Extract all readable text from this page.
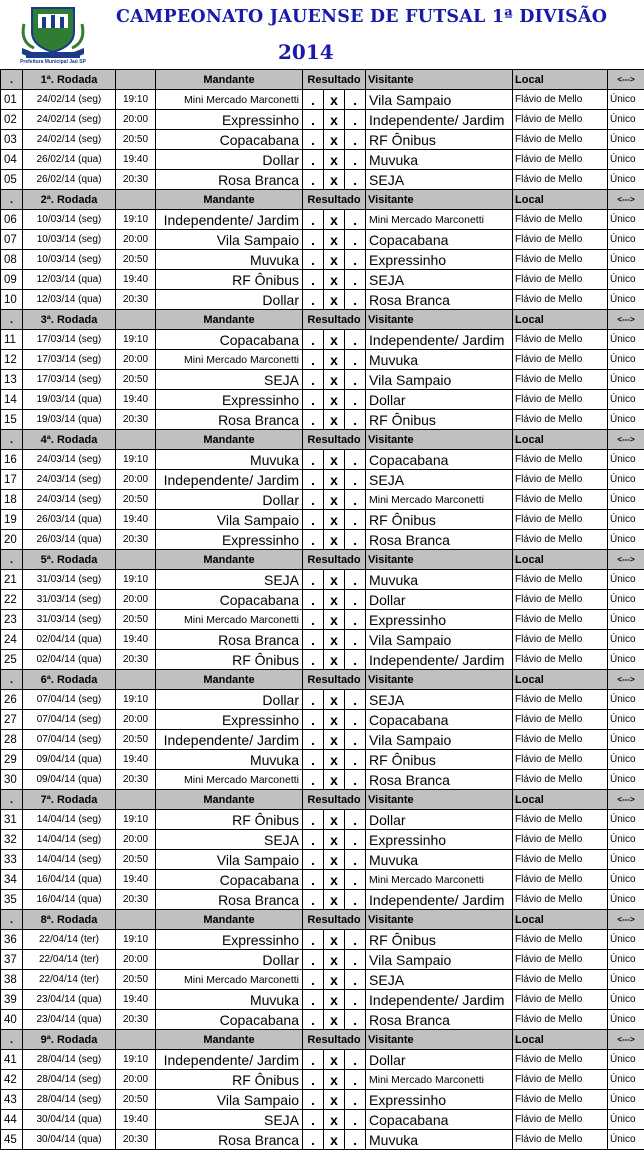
Prefeitura Municipal Jaú SP
CAMPEONATO JAUENSE DE FUTSAL 1ª DIVISÃO
2014
.	1ª. Rodada		Mandante	Resultado			Visitante	Local	<--->
01	24/02/14 (seg)	19:10	Mini Mercado Marconetti	.	x	.	Vila Sampaio	Flávio de Mello	Único
02	24/02/14 (seg)	20:00	Expressinho	.	x	.	Independente/ Jardim	Flávio de Mello	Único
03	24/02/14 (seg)	20:50	Copacabana	.	x	.	RF Ônibus	Flávio de Mello	Único
04	26/02/14 (qua)	19:40	Dollar	.	x	.	Muvuka	Flávio de Mello	Único
05	26/02/14 (qua)	20:30	Rosa Branca	.	x	.	SEJA	Flávio de Mello	Único
.	2ª. Rodada		Mandante	Resultado			Visitante	Local	<--->
06	10/03/14 (seg)	19:10	Independente/ Jardim	.	x	.	Mini Mercado Marconetti	Flávio de Mello	Único
07	10/03/14 (seg)	20:00	Vila Sampaio	.	x	.	Copacabana	Flávio de Mello	Único
08	10/03/14 (seg)	20:50	Muvuka	.	x	.	Expressinho	Flávio de Mello	Único
09	12/03/14 (qua)	19:40	RF Ônibus	.	x	.	SEJA	Flávio de Mello	Único
10	12/03/14 (qua)	20:30	Dollar	.	x	.	Rosa Branca	Flávio de Mello	Único
.	3ª. Rodada		Mandante	Resultado			Visitante	Local	<--->
11	17/03/14 (seg)	19:10	Copacabana	.	x	.	Independente/ Jardim	Flávio de Mello	Único
12	17/03/14 (seg)	20:00	Mini Mercado Marconetti	.	x	.	Muvuka	Flávio de Mello	Único
13	17/03/14 (seg)	20:50	SEJA	.	x	.	Vila Sampaio	Flávio de Mello	Único
14	19/03/14 (qua)	19:40	Expressinho	.	x	.	Dollar	Flávio de Mello	Único
15	19/03/14 (qua)	20:30	Rosa Branca	.	x	.	RF Ônibus	Flávio de Mello	Único
.	4ª. Rodada		Mandante	Resultado			Visitante	Local	<--->
16	24/03/14 (seg)	19:10	Muvuka	.	x	.	Copacabana	Flávio de Mello	Único
17	24/03/14 (seg)	20:00	Independente/ Jardim	.	x	.	SEJA	Flávio de Mello	Único
18	24/03/14 (seg)	20:50	Dollar	.	x	.	Mini Mercado Marconetti	Flávio de Mello	Único
19	26/03/14 (qua)	19:40	Vila Sampaio	.	x	.	RF Ônibus	Flávio de Mello	Único
20	26/03/14 (qua)	20:30	Expressinho	.	x	.	Rosa Branca	Flávio de Mello	Único
.	5ª. Rodada		Mandante	Resultado			Visitante	Local	<--->
21	31/03/14 (seg)	19:10	SEJA	.	x	.	Muvuka	Flávio de Mello	Único
22	31/03/14 (seg)	20:00	Copacabana	.	x	.	Dollar	Flávio de Mello	Único
23	31/03/14 (seg)	20:50	Mini Mercado Marconetti	.	x	.	Expressinho	Flávio de Mello	Único
24	02/04/14 (qua)	19:40	Rosa Branca	.	x	.	Vila Sampaio	Flávio de Mello	Único
25	02/04/14 (qua)	20:30	RF Ônibus	.	x	.	Independente/ Jardim	Flávio de Mello	Único
.	6ª. Rodada		Mandante	Resultado			Visitante	Local	<--->
26	07/04/14 (seg)	19:10	Dollar	.	x	.	SEJA	Flávio de Mello	Único
27	07/04/14 (seg)	20:00	Expressinho	.	x	.	Copacabana	Flávio de Mello	Único
28	07/04/14 (seg)	20:50	Independente/ Jardim	.	x	.	Vila Sampaio	Flávio de Mello	Único
29	09/04/14 (qua)	19:40	Muvuka	.	x	.	RF Ônibus	Flávio de Mello	Único
30	09/04/14 (qua)	20:30	Mini Mercado Marconetti	.	x	.	Rosa Branca	Flávio de Mello	Único
.	7ª. Rodada		Mandante	Resultado			Visitante	Local	<--->
31	14/04/14 (seg)	19:10	RF Ônibus	.	x	.	Dollar	Flávio de Mello	Único
32	14/04/14 (seg)	20:00	SEJA	.	x	.	Expressinho	Flávio de Mello	Único
33	14/04/14 (seg)	20:50	Vila Sampaio	.	x	.	Muvuka	Flávio de Mello	Único
34	16/04/14 (qua)	19:40	Copacabana	.	x	.	Mini Mercado Marconetti	Flávio de Mello	Único
35	16/04/14 (qua)	20:30	Rosa Branca	.	x	.	Independente/ Jardim	Flávio de Mello	Único
.	8ª. Rodada		Mandante	Resultado			Visitante	Local	<--->
36	22/04/14 (ter)	19:10	Expressinho	.	x	.	RF Ônibus	Flávio de Mello	Único
37	22/04/14 (ter)	20:00	Dollar	.	x	.	Vila Sampaio	Flávio de Mello	Único
38	22/04/14 (ter)	20:50	Mini Mercado Marconetti	.	x	.	SEJA	Flávio de Mello	Único
39	23/04/14 (qua)	19:40	Muvuka	.	x	.	Independente/ Jardim	Flávio de Mello	Único
40	23/04/14 (qua)	20:30	Copacabana	.	x	.	Rosa Branca	Flávio de Mello	Único
.	9ª. Rodada		Mandante	Resultado			Visitante	Local	<--->
41	28/04/14 (seg)	19:10	Independente/ Jardim	.	x	.	Dollar	Flávio de Mello	Único
42	28/04/14 (seg)	20:00	RF Ônibus	.	x	.	Mini Mercado Marconetti	Flávio de Mello	Único
43	28/04/14 (seg)	20:50	Vila Sampaio	.	x	.	Expressinho	Flávio de Mello	Único
44	30/04/14 (qua)	19:40	SEJA	.	x	.	Copacabana	Flávio de Mello	Único
45	30/04/14 (qua)	20:30	Rosa Branca	.	x	.	Muvuka	Flávio de Mello	Único
